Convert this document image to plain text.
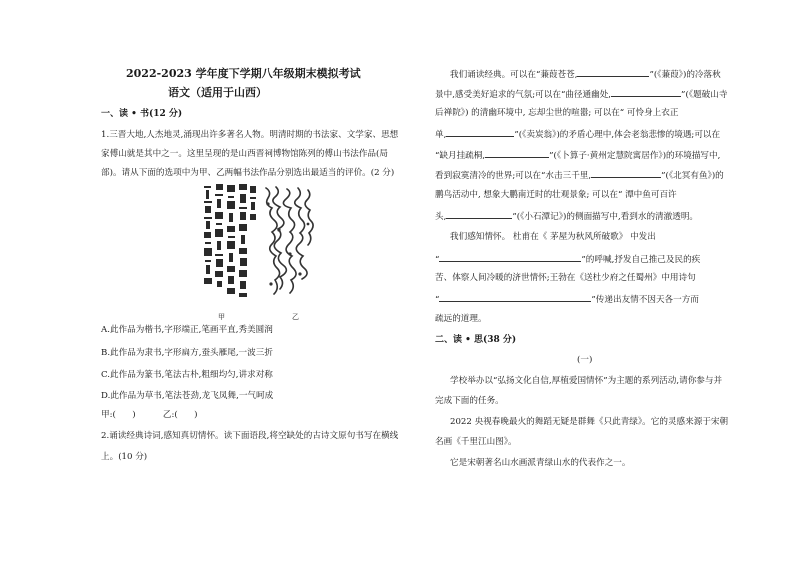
2022-2023 学年度下学期八年级期末模拟考试
语文（适用于山西）
一、读 • 书(12 分)
1.三晋大地,人杰地灵,涌现出许多著名人物。明清时期的书法家、文学家、思想
家傅山就是其中之一。这里呈现的是山西晋祠博物馆陈列的傅山书法作品(局
部)。请从下面的选项中为甲、乙两幅书法作品分别选出最适当的评价。(2 分)
甲	乙
A.此作品为楷书,字形端正,笔画平直,秀美圆润
B.此作品为隶书,字形扁方,蚕头雁尾,一波三折
C.此作品为篆书,笔法古朴,粗细均匀,讲求对称
D.此作品为草书,笔法苍劲,龙飞凤舞,一气呵成
甲:(      )          乙:(      )
2.诵读经典诗词,感知真切情怀。读下面语段,将空缺处的古诗文原句书写在横线
上。(10 分)
我们诵读经典。可以在“蒹葭苍苍,	”(《蒹葭》)的冷落秋
景中,感受美好追求的气氛;可以在“曲径通幽处,	”(《题破山寺
后禅院》) 的清幽环境中, 忘却尘世的喧嚣; 可以在“ 可怜身上衣正
单,	”(《卖炭翁》)的矛盾心理中,体会老翁悲惨的境遇;可以在
“缺月挂疏桐,	”(《卜算子·黄州定慧院寓居作》)的环境描写中,
看到寂寞清冷的世界;可以在“水击三千里,	”(《北冥有鱼》)的
鹏鸟活动中, 想象大鹏南迁时的壮观景象; 可以在“ 潭中鱼可百许
头,	”(《小石潭记》)的侧面描写中,看到水的清澈透明。
我们感知情怀。 杜甫在《 茅屋为秋风所破歌》 中发出
“	”的呼喊,抒发自己推己及民的疾
苦、体察人间冷暖的济世情怀;王勃在《送杜少府之任蜀州》中用诗句
“	”传递出友情不因天各一方而
疏远的道理。
二、读 • 思(38 分)
(一)
学校举办以“弘扬文化自信,厚植爱国情怀”为主题的系列活动,请你参与并
完成下面的任务。
2022 央视春晚最火的舞蹈无疑是群舞《只此青绿》。它的灵感来源于宋朝
名画《千里江山图》。
它是宋朝著名山水画派青绿山水的代表作之一。
